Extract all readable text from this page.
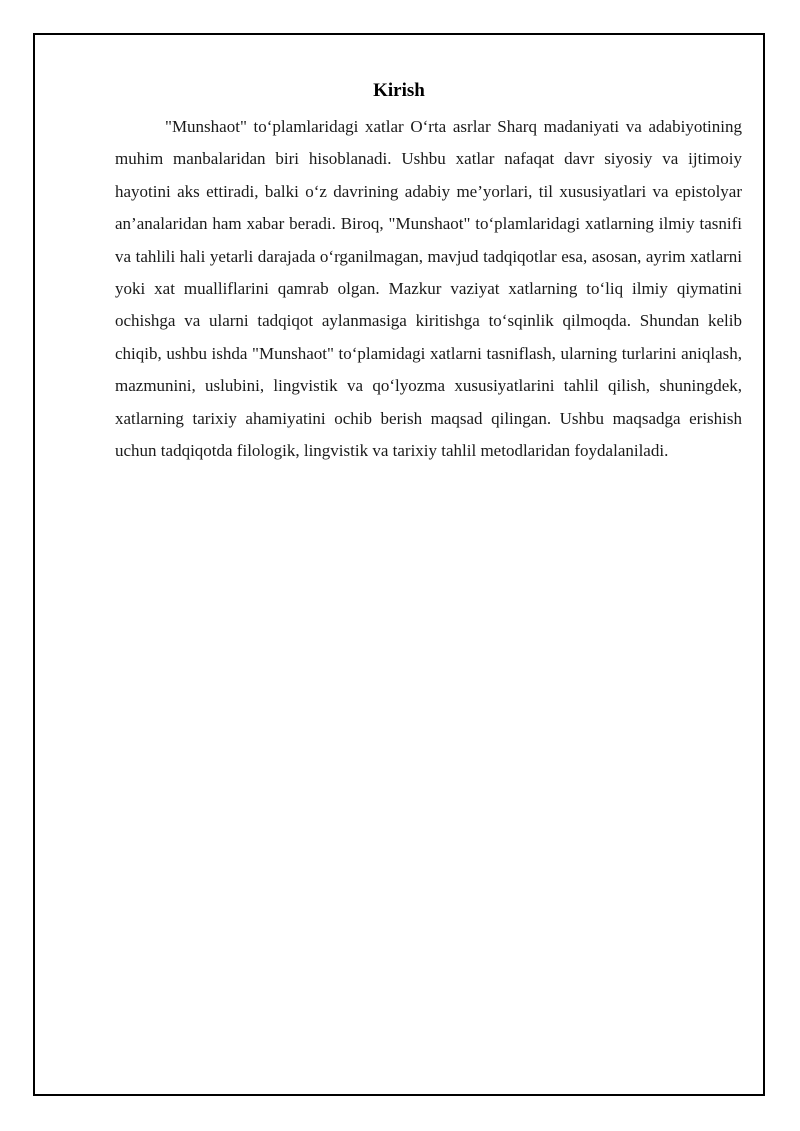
Kirish

"Munshaot" to‘plamlaridagi xatlar O‘rta asrlar Sharq madaniyati va adabiyotining muhim manbalaridan biri hisoblanadi. Ushbu xatlar nafaqat davr siyosiy va ijtimoiy hayotini aks ettiradi, balki o‘z davrining adabiy me’yorlari, til xususiyatlari va epistolyar an’analaridan ham xabar beradi. Biroq, "Munshaot" to‘plamlaridagi xatlarning ilmiy tasnifi va tahlili hali yetarli darajada o‘rganilmagan, mavjud tadqiqotlar esa, asosan, ayrim xatlarni yoki xat mualliflarini qamrab olgan. Mazkur vaziyat xatlarning to‘liq ilmiy qiymatini ochishga va ularni tadqiqot aylanmasiga kiritishga to‘sqinlik qilmoqda. Shundan kelib chiqib, ushbu ishda "Munshaot" to‘plamidagi xatlarni tasniflash, ularning turlarini aniqlash, mazmunini, uslubini, lingvistik va qo‘lyozma xususiyatlarini tahlil qilish, shuningdek, xatlarning tarixiy ahamiyatini ochib berish maqsad qilingan. Ushbu maqsadga erishish uchun tadqiqotda filologik, lingvistik va tarixiy tahlil metodlaridan foydalaniladi.
